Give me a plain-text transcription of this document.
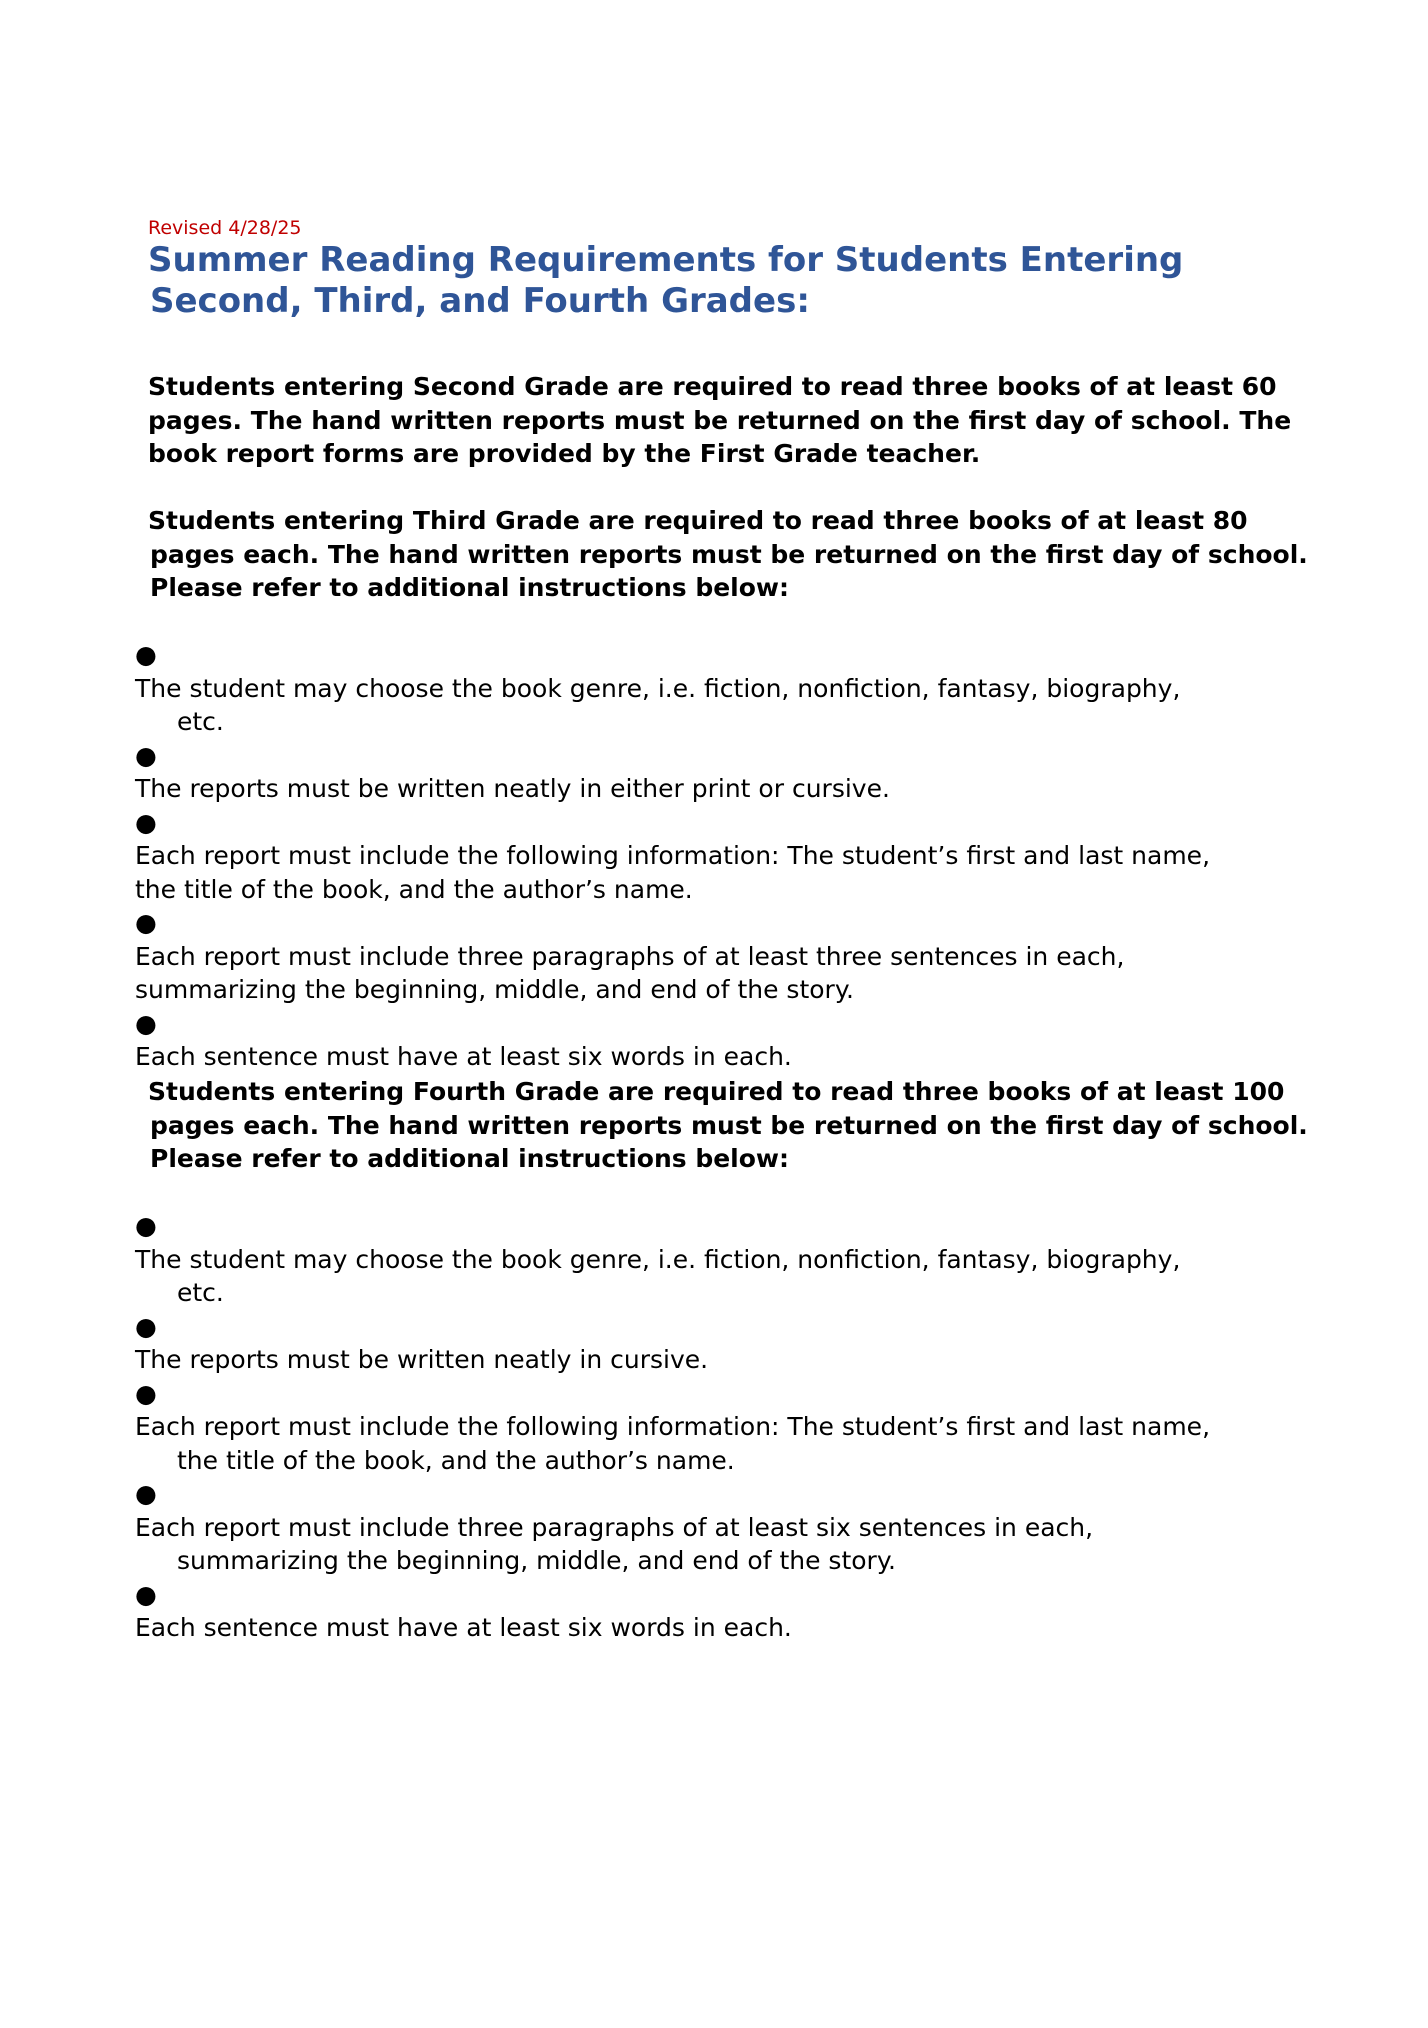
Revised 4/28/25
Summer Reading Requirements for Students Entering
Second, Third, and Fourth Grades:

Students entering Second Grade are required to read three books of at least 60
pages. The hand written reports must be returned on the first day of school. The
book report forms are provided by the First Grade teacher.

Students entering Third Grade are required to read three books of at least 80
pages each. The hand written reports must be returned on the first day of school.
Please refer to additional instructions below:

●
The student may choose the book genre, i.e. fiction, nonfiction, fantasy, biography,
etc.
●
The reports must be written neatly in either print or cursive.
●
Each report must include the following information: The student’s first and last name,
the title of the book, and the author’s name.
●
Each report must include three paragraphs of at least three sentences in each,
summarizing the beginning, middle, and end of the story.
●
Each sentence must have at least six words in each.

Students entering Fourth Grade are required to read three books of at least 100
pages each. The hand written reports must be returned on the first day of school.
Please refer to additional instructions below:

●
The student may choose the book genre, i.e. fiction, nonfiction, fantasy, biography,
etc.
●
The reports must be written neatly in cursive.
●
Each report must include the following information: The student’s first and last name,
the title of the book, and the author’s name.
●
Each report must include three paragraphs of at least six sentences in each,
summarizing the beginning, middle, and end of the story.
●
Each sentence must have at least six words in each.
